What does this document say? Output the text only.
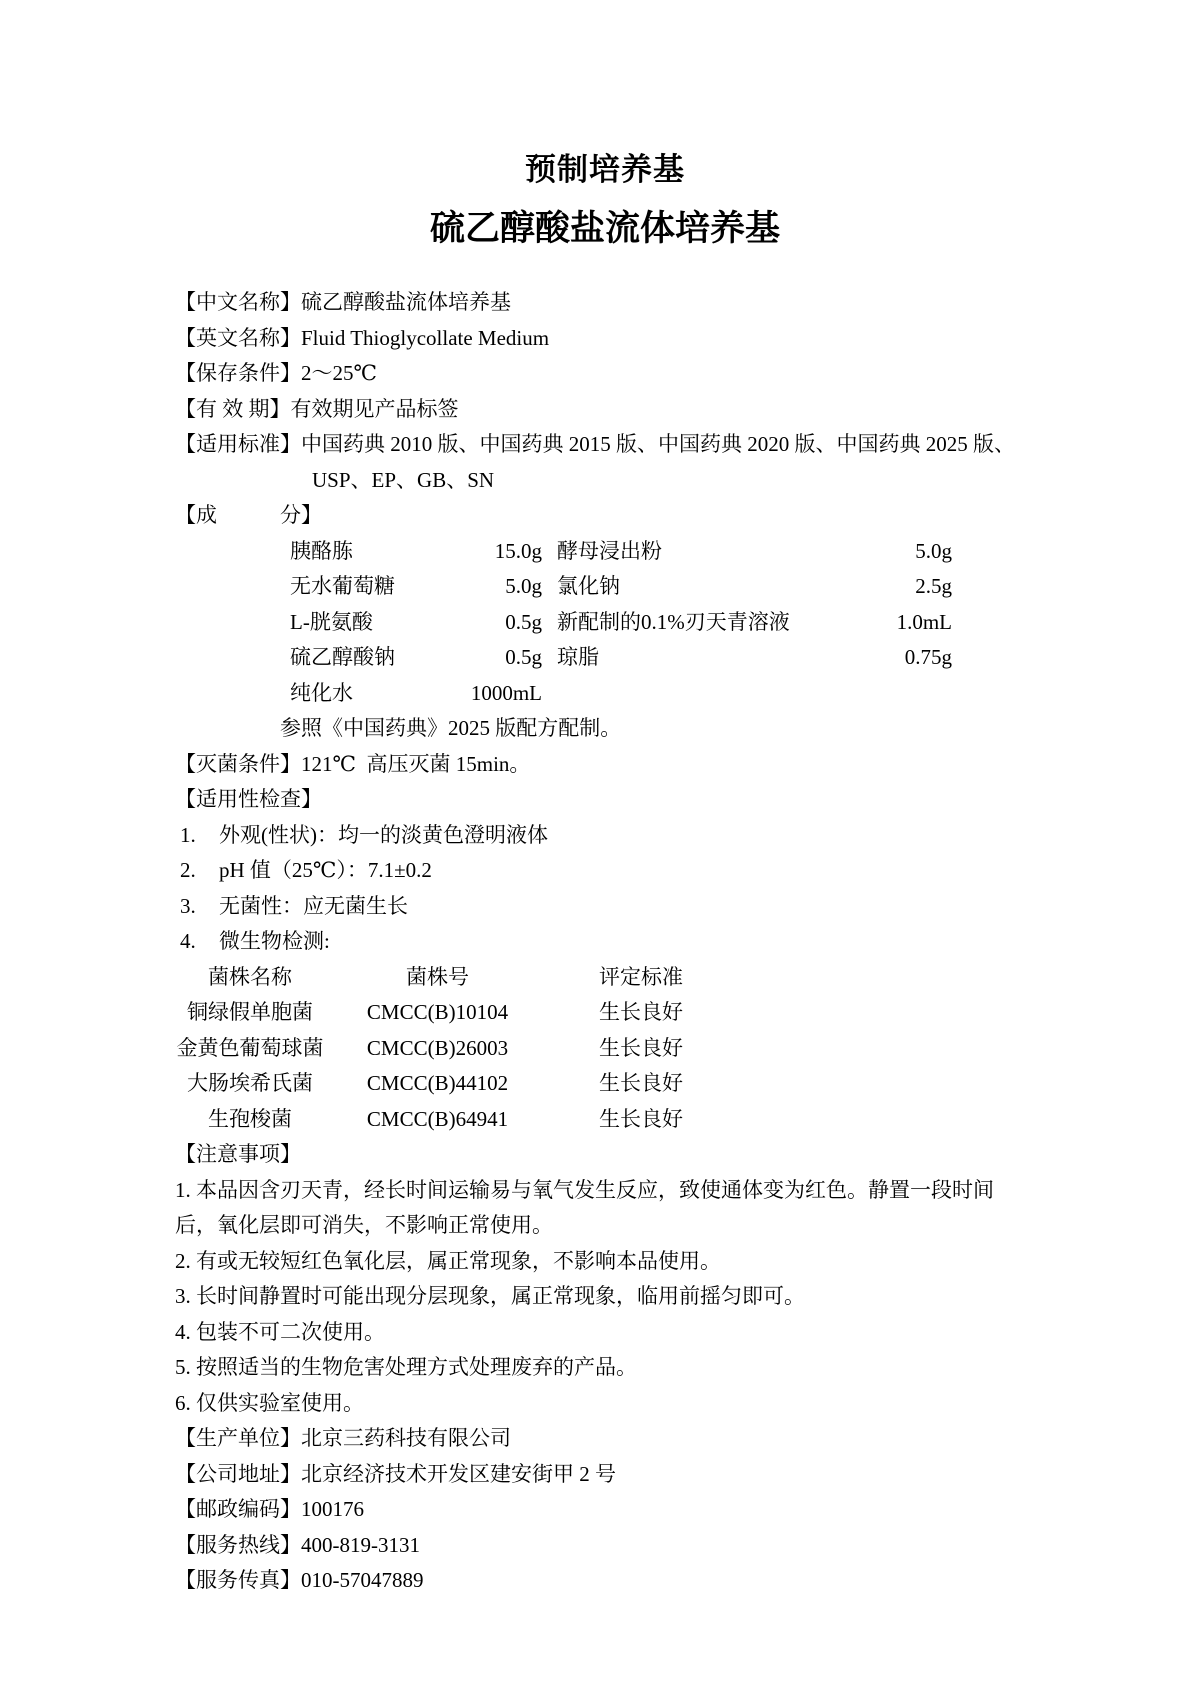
预制培养基
硫乙醇酸盐流体培养基
【中文名称】 硫乙醇酸盐流体培养基
【英文名称】 Fluid Thioglycollate Medium
【保存条件】 2～25℃
【有 效 期】 有效期见产品标签
【适用标准】 中国药典 2010 版、中国药典 2015 版、中国药典 2020 版、中国药典 2025 版、
USP、EP、GB、SN
【成　　　分】
胰酪胨	15.0g 酵母浸出粉	5.0g
无水葡萄糖	5.0g 氯化钠	2.5g
L-胱氨酸	0.5g 新配制的0.1%刃天青溶液	1.0mL
硫乙醇酸钠	0.5g 琼脂	0.75g
纯化水	1000mL
参照《中国药典》2025 版配方配制。
【灭菌条件】 121℃  高压灭菌 15min。
【适用性检查】
1.	外观(性状)：均一的淡黄色澄明液体
2.	pH 值（25℃）：7.1±0.2
3.	无菌性：应无菌生长
4.	微生物检测:
菌株名称	菌株号	评定标准
铜绿假单胞菌	CMCC(B)10104	生长良好
金黄色葡萄球菌	CMCC(B)26003	生长良好
大肠埃希氏菌	CMCC(B)44102	生长良好
生孢梭菌	CMCC(B)64941	生长良好
【注意事项】
1. 本品因含刃天青，经长时间运输易与氧气发生反应，致使通体变为红色。静置一段时间后，氧化层即可消失，不影响正常使用。
2. 有或无较短红色氧化层，属正常现象，不影响本品使用。
3. 长时间静置时可能出现分层现象，属正常现象，临用前摇匀即可。
4. 包装不可二次使用。
5. 按照适当的生物危害处理方式处理废弃的产品。
6. 仅供实验室使用。
【生产单位】 北京三药科技有限公司
【公司地址】 北京经济技术开发区建安街甲 2 号
【邮政编码】 100176
【服务热线】 400-819-3131
【服务传真】 010-57047889
